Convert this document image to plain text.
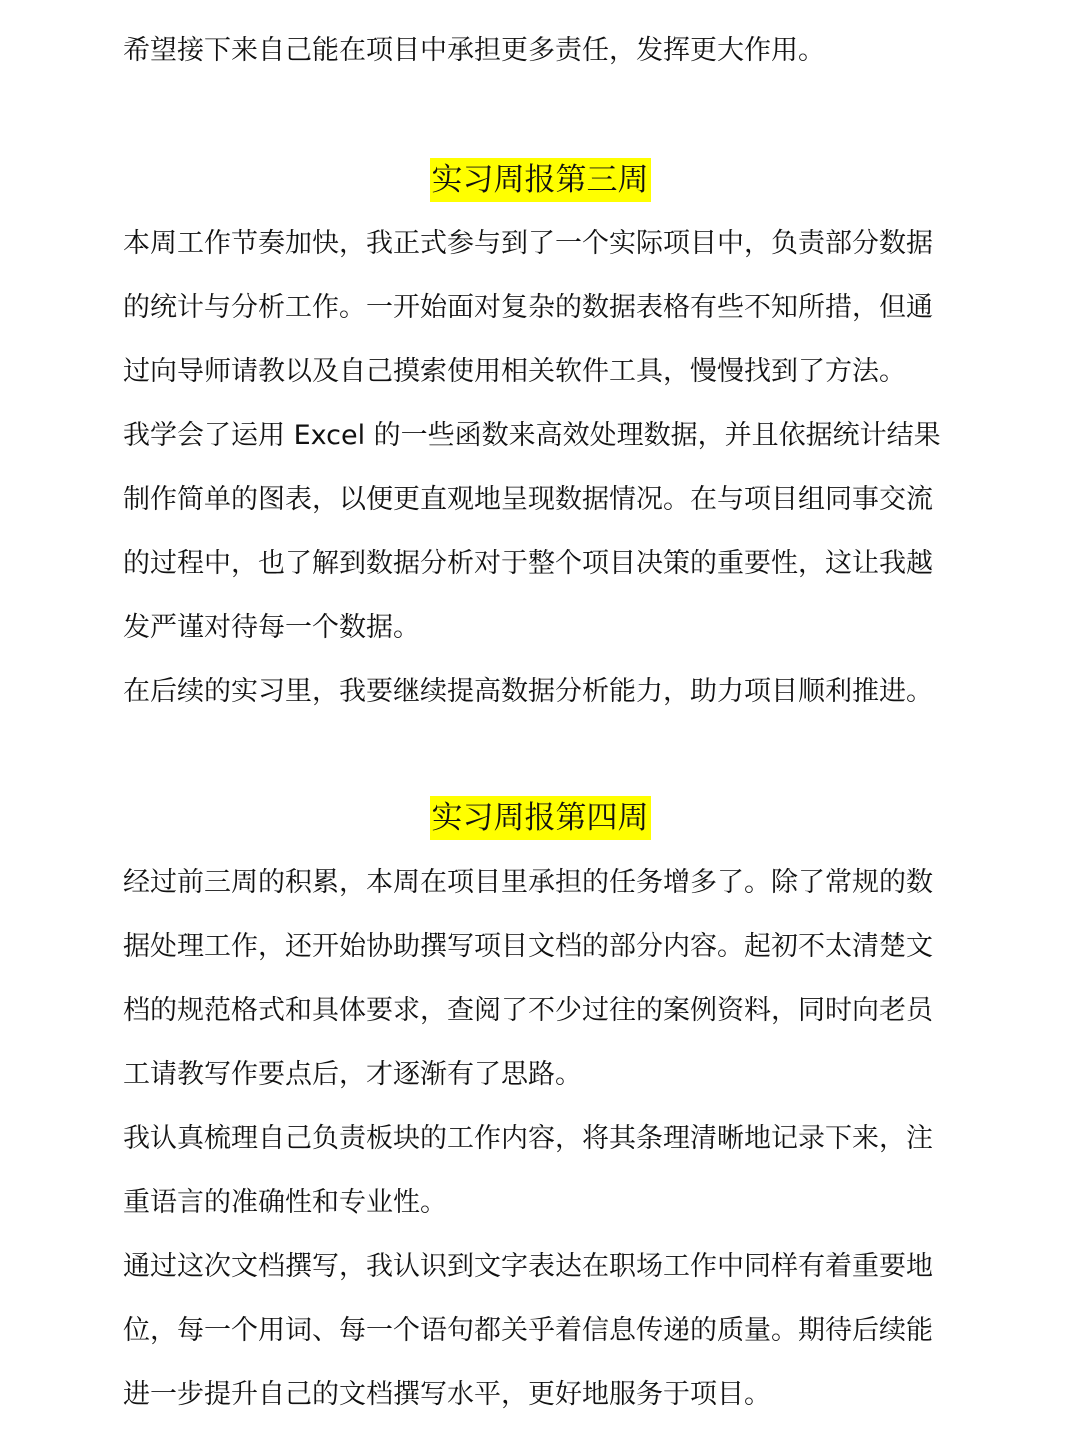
希望接下来自己能在项目中承担更多责任，发挥更大作用。
实习周报第三周
本周工作节奏加快，我正式参与到了一个实际项目中，负责部分数据
的统计与分析工作。一开始面对复杂的数据表格有些不知所措，但通
过向导师请教以及自己摸索使用相关软件工具，慢慢找到了方法。
我学会了运用 Excel 的一些函数来高效处理数据，并且依据统计结果
制作简单的图表，以便更直观地呈现数据情况。在与项目组同事交流
的过程中，也了解到数据分析对于整个项目决策的重要性，这让我越
发严谨对待每一个数据。
在后续的实习里，我要继续提高数据分析能力，助力项目顺利推进。
实习周报第四周
经过前三周的积累，本周在项目里承担的任务增多了。除了常规的数
据处理工作，还开始协助撰写项目文档的部分内容。起初不太清楚文
档的规范格式和具体要求，查阅了不少过往的案例资料，同时向老员
工请教写作要点后，才逐渐有了思路。
我认真梳理自己负责板块的工作内容，将其条理清晰地记录下来，注
重语言的准确性和专业性。
通过这次文档撰写，我认识到文字表达在职场工作中同样有着重要地
位，每一个用词、每一个语句都关乎着信息传递的质量。期待后续能
进一步提升自己的文档撰写水平，更好地服务于项目。
